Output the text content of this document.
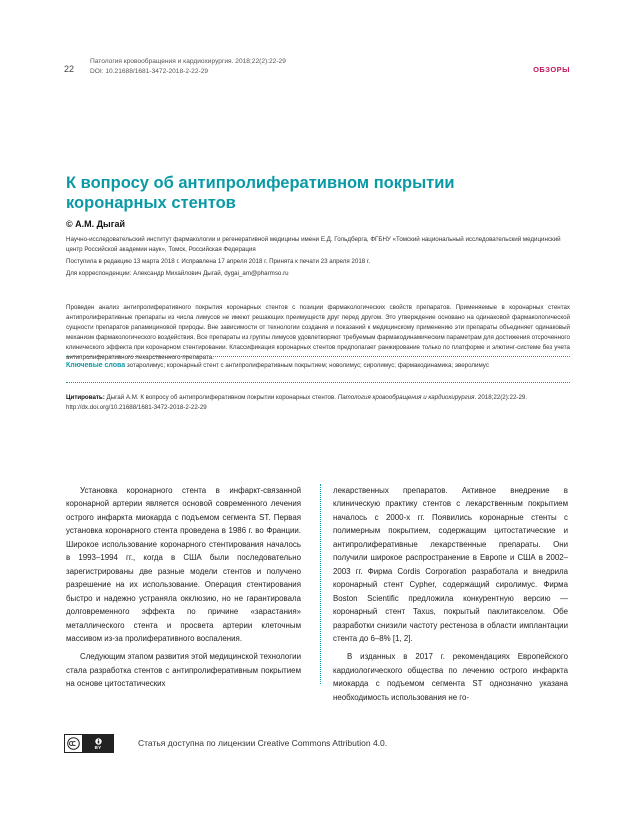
22
Патология кровообращения и кардиохирургия. 2018;22(2):22-29
DOI: 10.21688/1681-3472-2018-2-22-29	ОБЗОРЫ
К вопросу об антипролиферативном покрытии коронарных стентов
© А.М. Дыгай
Научно-исследовательский институт фармакологии и регенеративной медицины имени Е.Д. Гольдберга, ФГБНУ «Томский национальный исследовательский медицинский центр Российской академии наук», Томск, Российская Федерация
Поступила в редакцию 13 марта 2018 г. Исправлена 17 апреля 2018 г. Принята к печати 23 апреля 2018 г.
Для корреспонденции: Александр Михайлович Дыгай, dygai_am@pharmso.ru
Проведен анализ антипролиферативного покрытия коронарных стентов с позиции фармакологических свойств препаратов. Применяемые в коронарных стентах антипролиферативные препараты из числа лимусов не имеют решающих преимуществ друг перед другом. Это утверждение основано на одинаковой фармакологической сущности препаратов рапамициновой природы. Вне зависимости от технологии создания и показаний к медицинскому применению эти препараты объединяет одинаковый механизм фармакологического воздействия. Все препараты из группы лимусов удовлетворяют требуемым фармакодинамическим параметрам для достижения отсроченного клинического эффекта при коронарном стентировании. Классификация коронарных стентов предполагает ранжирование только по платформе и элютинг-системе без учета антипролиферативного лекарственного препарата.
Ключевые слова зотаролимус; коронарный стент с антипролиферативным покрытием; новолимус; сиролимус; фармакодинамика; эверолимус
Цитировать: Дыгай А.М. К вопросу об антипролиферативном покрытии коронарных стентов. Патология кровообращения и кардиохирургия. 2018;22(2):22-29. http://dx.doi.org/10.21688/1681-3472-2018-2-22-29

Установка коронарного стента в инфаркт-связанной коронарной артерии является основой современного лечения острого инфаркта миокарда с подъемом сегмента ST. Первая установка коронарного стента проведена в 1986 г. во Франции. Широкое использование коронарного стентирования началось в 1993–1994 гг., когда в США были последовательно зарегистрированы две разные модели стентов и получено разрешение на их использование. Операция стентирования быстро и надежно устраняла окклюзию, но не гарантировала долговременного эффекта по причине «зарастания» металлического стента и просвета артерии клеточным массивом из-за пролиферативного воспаления.

Следующим этапом развития этой медицинской технологии стала разработка стентов с антипролиферативным покрытием на основе цитостатических

лекарственных препаратов. Активное внедрение в клиническую практику стентов с лекарственным покрытием началось с 2000-х гг. Появились коронарные стенты с полимерным покрытием, содержащим цитостатические и антипролиферативные лекарственные препараты. Они получили широкое распространение в Европе и США в 2002–2003 гг. Фирма Cordis Corporation разработала и внедрила коронарный стент Cypher, содержащий сиролимус. Фирма Boston Scientific предложила конкурентную версию — коронарный стент Taxus, покрытый паклитакселом. Обе разработки снизили частоту рестеноза в области имплантации стента до 6–8% [1, 2].

В изданных в 2017 г. рекомендациях Европейского кардиологического общества по лечению острого инфаркта миокарда с подъемом сегмента ST однозначно указана необходимость использования не го-

BY	Статья доступна по лицензии Creative Commons Attribution 4.0.
